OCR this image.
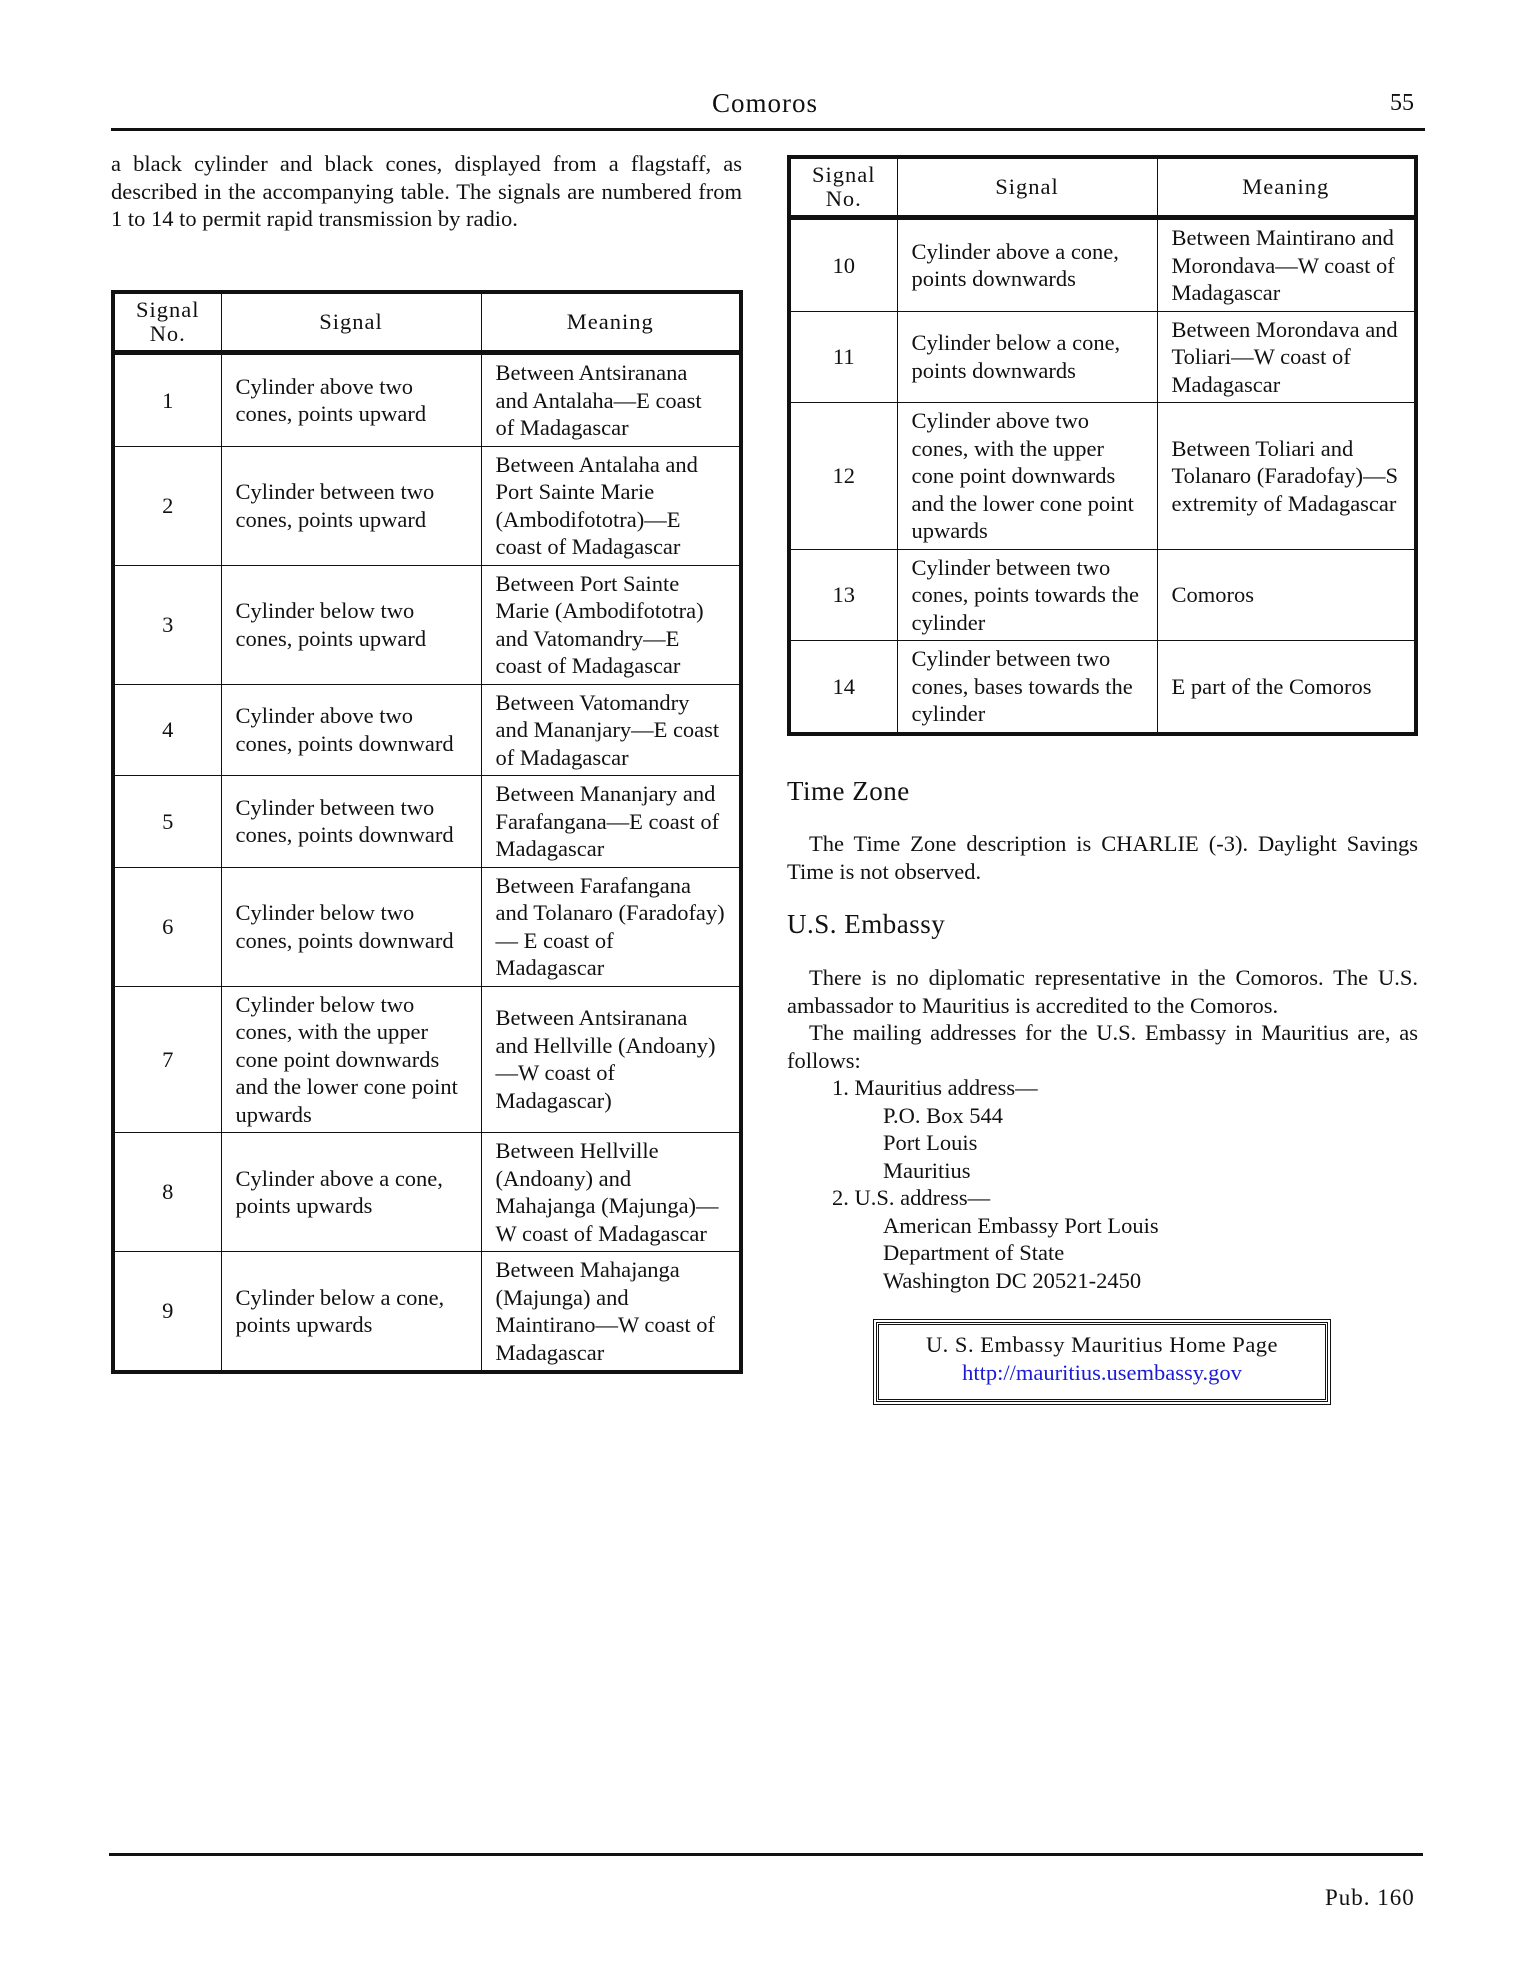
Comoros	55
a black cylinder and black cones, displayed from a flagstaff, as described in the accompanying table. The signals are numbered from 1 to 14 to permit rapid transmission by radio.
Signal No.	Signal	Meaning
1	Cylinder above two cones, points upward	Between Antsiranana and Antalaha—E coast of Madagascar
2	Cylinder between two cones, points upward	Between Antalaha and Port Sainte Marie (Ambodifototra)—E coast of Madagascar
3	Cylinder below two cones, points upward	Between Port Sainte Marie (Ambodifototra) and Vatomandry—E coast of Madagascar
4	Cylinder above two cones, points downward	Between Vatomandry and Mananjary—E coast of Madagascar
5	Cylinder between two cones, points downward	Between Mananjary and Farafangana—E coast of Madagascar
6	Cylinder below two cones, points downward	Between Farafangana and Tolanaro (Faradofay)— E coast of Madagascar
7	Cylinder below two cones, with the upper cone point downwards and the lower cone point upwards	Between Antsiranana and Hellville (Andoany)—W coast of Madagascar)
8	Cylinder above a cone, points upwards	Between Hellville (Andoany) and Mahajanga (Majunga)—W coast of Madagascar
9	Cylinder below a cone, points upwards	Between Mahajanga (Majunga) and Maintirano—W coast of Madagascar
Signal No.	Signal	Meaning
10	Cylinder above a cone, points downwards	Between Maintirano and Morondava—W coast of Madagascar
11	Cylinder below a cone, points downwards	Between Morondava and Toliari—W coast of Madagascar
12	Cylinder above two cones, with the upper cone point downwards and the lower cone point upwards	Between Toliari and Tolanaro (Faradofay)—S extremity of Madagascar
13	Cylinder between two cones, points towards the cylinder	Comoros
14	Cylinder between two cones, bases towards the cylinder	E part of the Comoros
Time Zone
The Time Zone description is CHARLIE (-3). Daylight Savings Time is not observed.
U.S. Embassy
There is no diplomatic representative in the Comoros. The U.S. ambassador to Mauritius is accredited to the Comoros.
The mailing addresses for the U.S. Embassy in Mauritius are, as follows:
1. Mauritius address—
P.O. Box 544
Port Louis
Mauritius
2. U.S. address—
American Embassy Port Louis
Department of State
Washington DC 20521-2450
U. S. Embassy Mauritius Home Page
http://mauritius.usembassy.gov
Pub. 160
